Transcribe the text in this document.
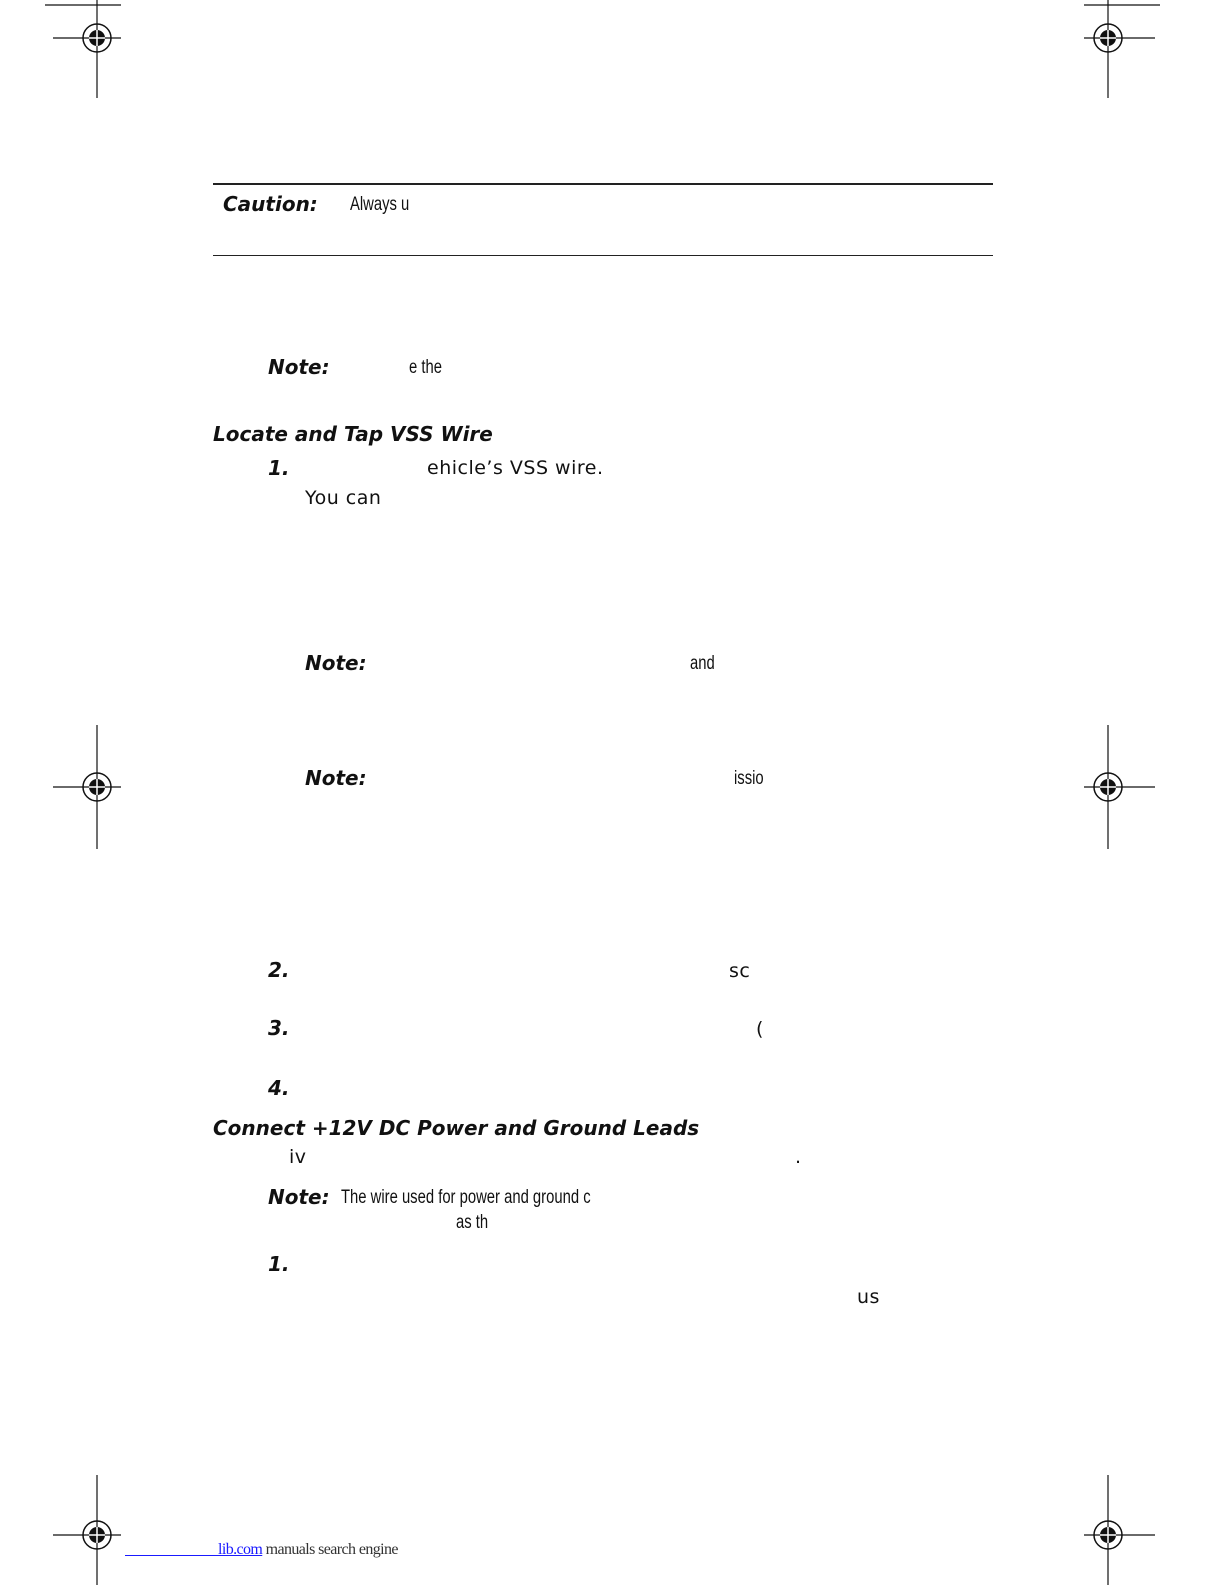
Caution: Always u
Note:	e the
Locate and Tap VSS Wire
1.	ehicle’s VSS wire.
You can
Note:	and
Note:	issio
2.	sc
3.	(
4.
Connect +12V DC Power and Ground Leads
iv	.
Note: The wire used for power and ground c
as th
1.
us
lib.com manuals search engine
